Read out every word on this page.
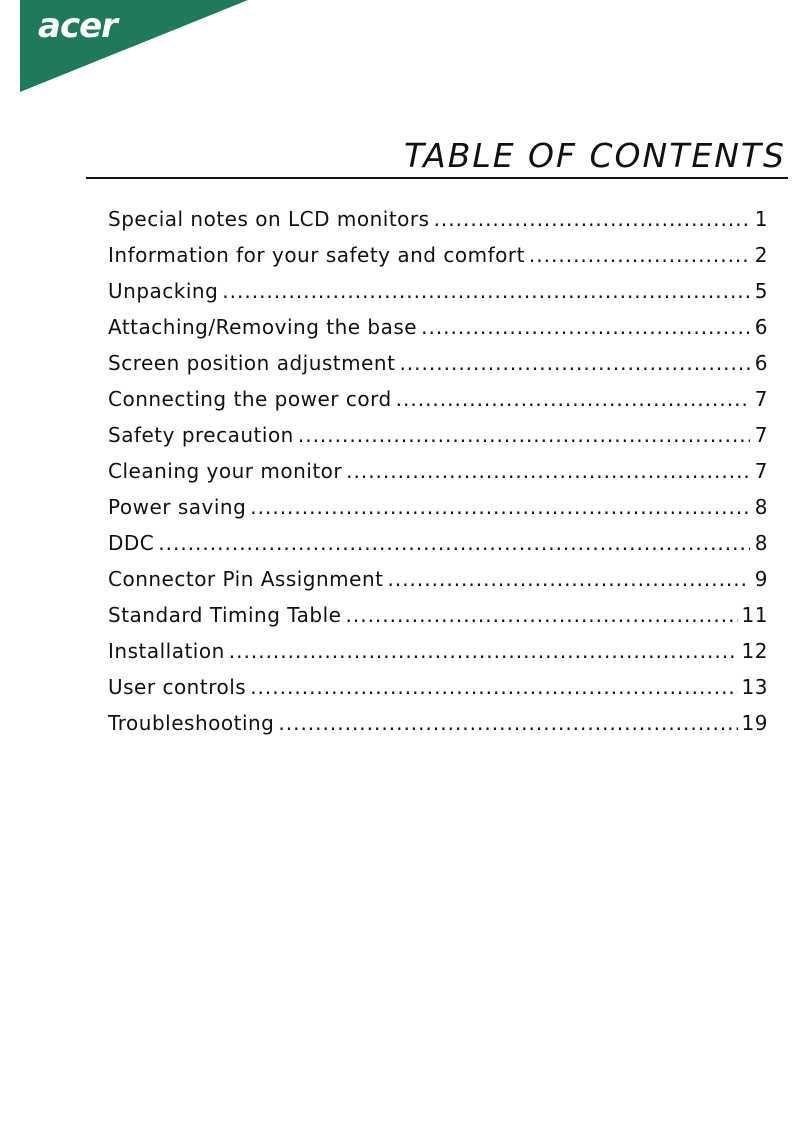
acer
TABLE OF CONTENTS
Special notes on LCD monitors .....	1
Information for your safety and comfort .....	2
Unpacking .....	5
Attaching/Removing the base .....	6
Screen position adjustment .....	6
Connecting the power cord .....	7
Safety precaution .....	7
Cleaning your monitor .....	7
Power saving .....	8
DDC .....	8
Connector Pin Assignment .....	9
Standard Timing Table .....	11
Installation .....	12
User controls .....	13
Troubleshooting .....	19
